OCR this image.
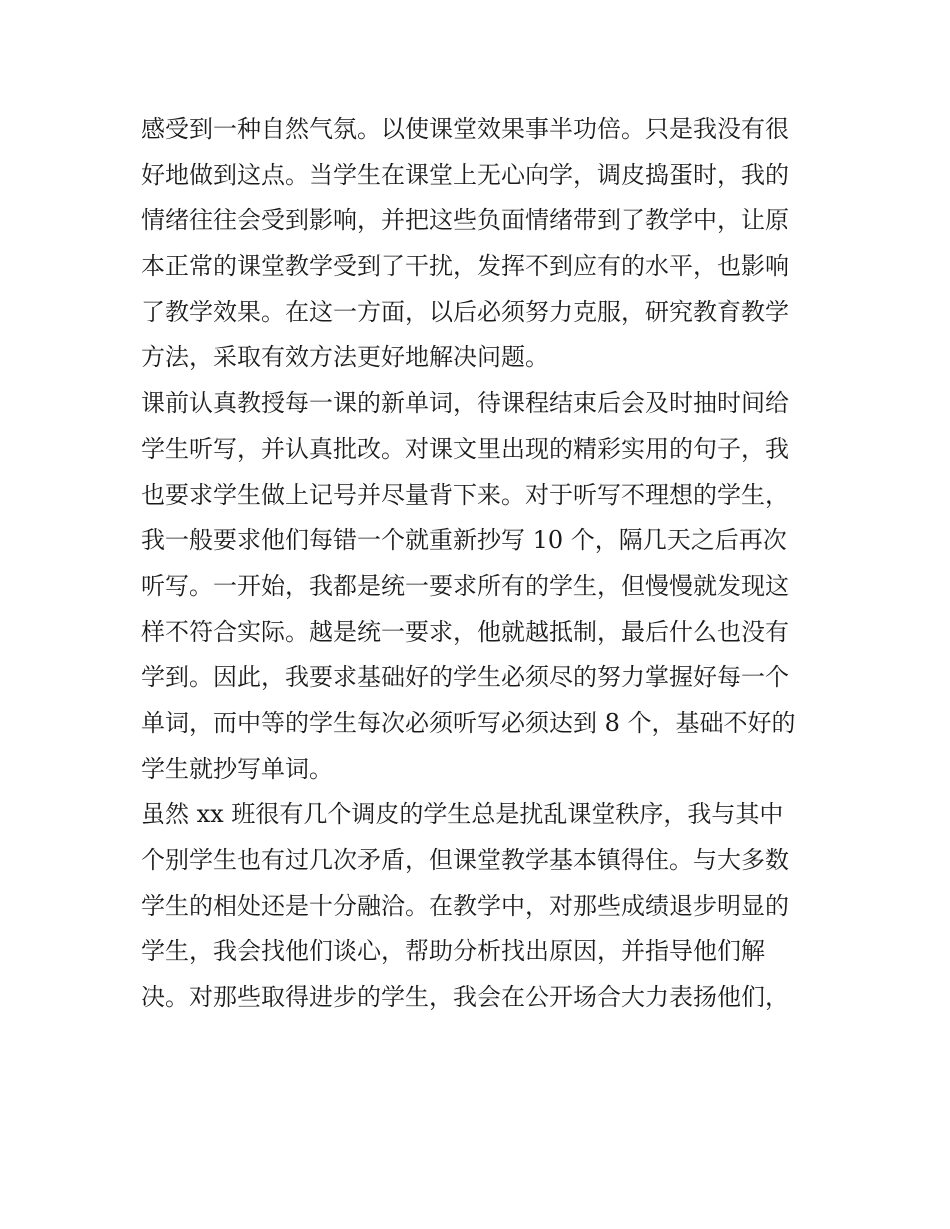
感受到一种自然气氛。以使课堂效果事半功倍。只是我没有很
好地做到这点。当学生在课堂上无心向学，调皮捣蛋时，我的
情绪往往会受到影响，并把这些负面情绪带到了教学中，让原
本正常的课堂教学受到了干扰，发挥不到应有的水平，也影响
了教学效果。在这一方面，以后必须努力克服，研究教育教学
方法，采取有效方法更好地解决问题。
课前认真教授每一课的新单词，待课程结束后会及时抽时间给
学生听写，并认真批改。对课文里出现的精彩实用的句子，我
也要求学生做上记号并尽量背下来。对于听写不理想的学生，
我一般要求他们每错一个就重新抄写 10 个，隔几天之后再次
听写。一开始，我都是统一要求所有的学生，但慢慢就发现这
样不符合实际。越是统一要求，他就越抵制，最后什么也没有
学到。因此，我要求基础好的学生必须尽的努力掌握好每一个
单词，而中等的学生每次必须听写必须达到 8 个，基础不好的
学生就抄写单词。
虽然 xx 班很有几个调皮的学生总是扰乱课堂秩序，我与其中
个别学生也有过几次矛盾，但课堂教学基本镇得住。与大多数
学生的相处还是十分融洽。在教学中，对那些成绩退步明显的
学生，我会找他们谈心，帮助分析找出原因，并指导他们解
决。对那些取得进步的学生，我会在公开场合大力表扬他们，
